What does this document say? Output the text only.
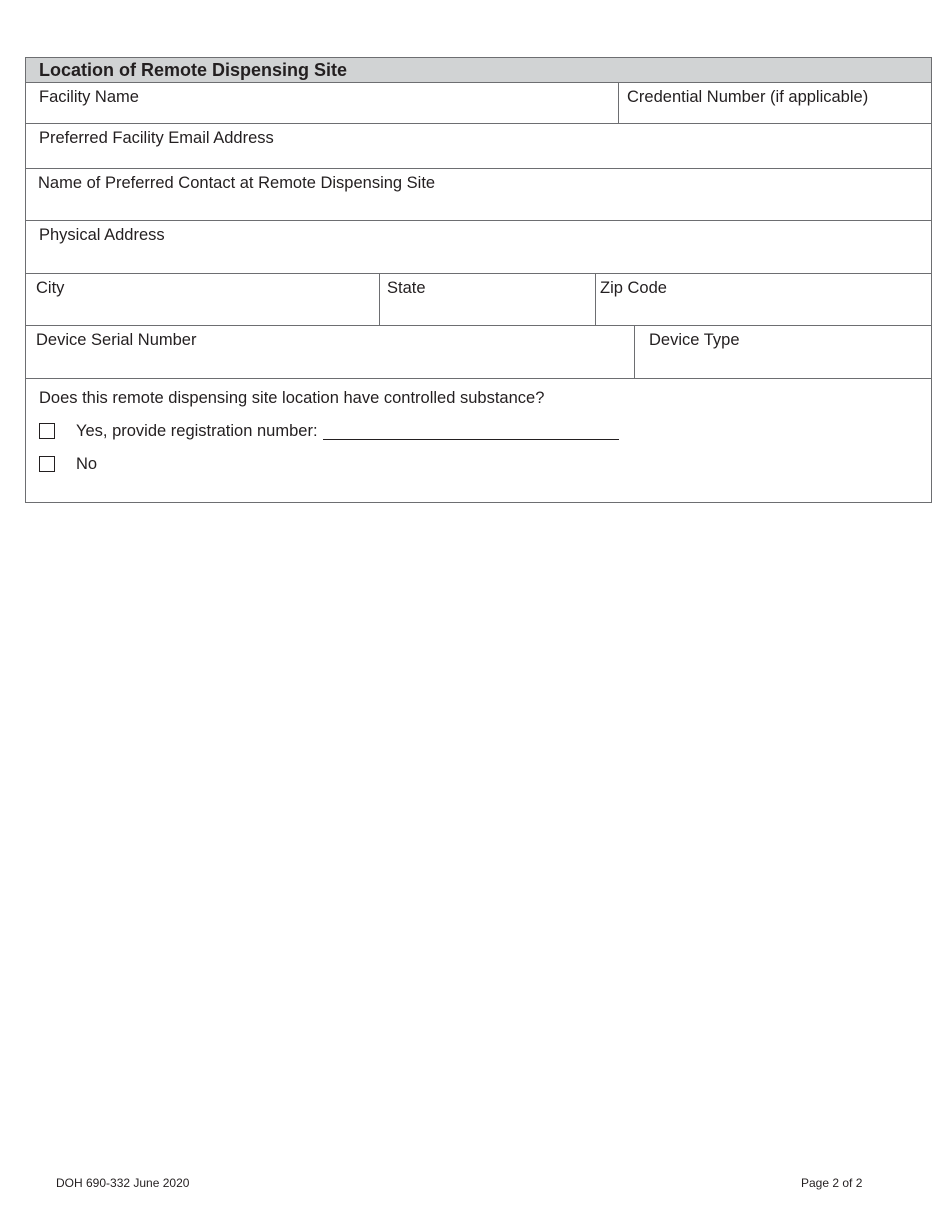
Location of Remote Dispensing Site
Facility Name	Credential Number (if applicable)
Preferred Facility Email Address
Name of Preferred Contact at Remote Dispensing Site
Physical Address
City	State	Zip Code
Device Serial Number	Device Type
Does this remote dispensing site location have controlled substance?
Yes, provide registration number:
No
DOH 690-332 June 2020	Page 2 of 2
